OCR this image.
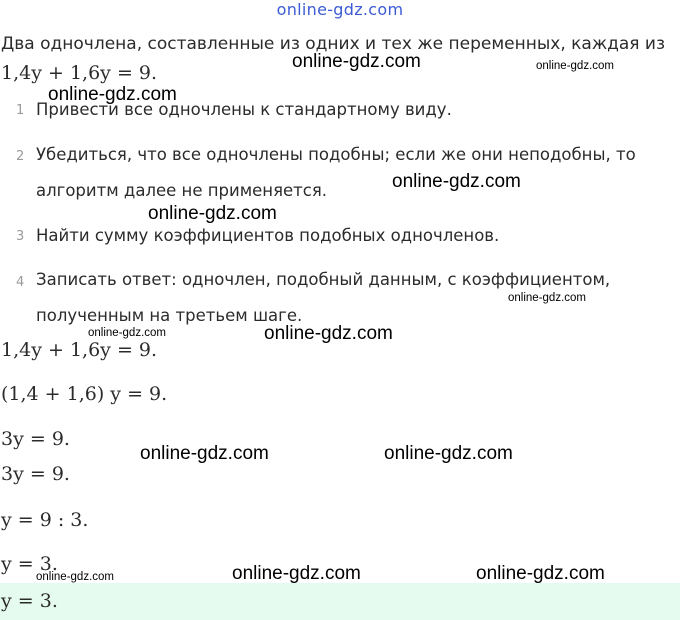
online-gdz.com
Два одночлена, составленные из одних и тех же переменных, каждая из
1,4y + 1,6y = 9.
1 Привести все одночлены к стандартному виду.
2 Убедиться, что все одночлены подобны; если же они неподобны, то алгоритм далее не применяется.
3 Найти сумму коэффициентов подобных одночленов.
4 Записать ответ: одночлен, подобный данным, с коэффициентом, полученным на третьем шаге.
1,4y + 1,6y = 9.
(1,4 + 1,6) y = 9.
3y = 9.
3y = 9.
y = 9 : 3.
y = 3.
y = 3.
online-gdz.com	online-gdz.com
online-gdz.com
online-gdz.com
online-gdz.com
online-gdz.com
online-gdz.com	online-gdz.com
online-gdz.com	online-gdz.com
online-gdz.com	online-gdz.com	online-gdz.com
